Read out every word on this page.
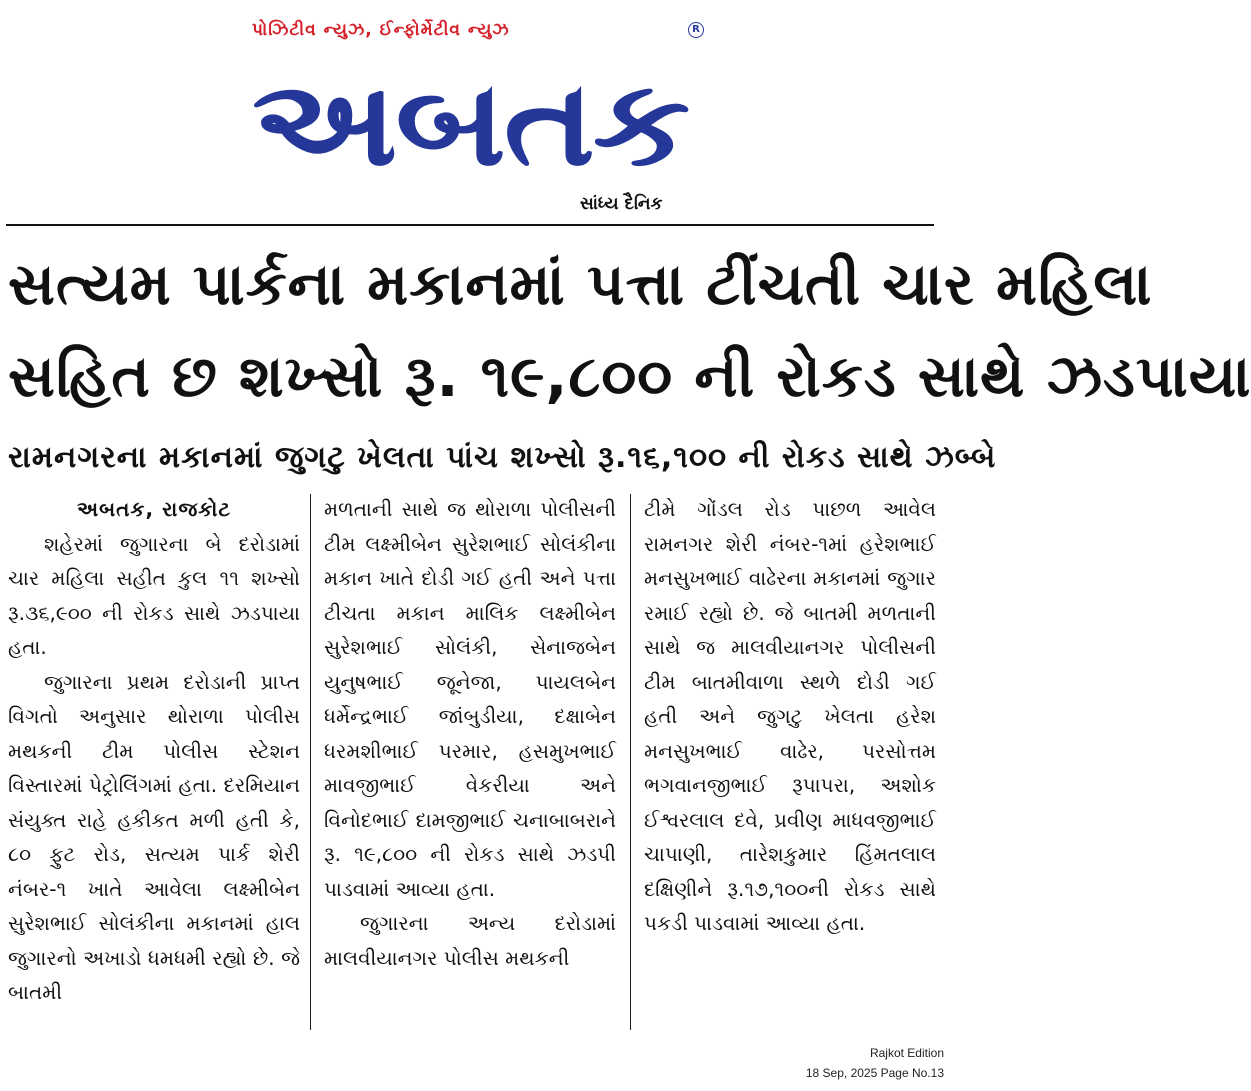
પોઝિટીવ ન્યુઝ, ઈન્ફોર્મેટીવ ન્યુઝ	R
અબતક
સાંધ્ય દૈનિક
સત્યમ પાર્કના મકાનમાં પત્તા ટીંચતી ચાર મહિલા
સહિત છ શખ્સો રૂ. ૧૯,૮૦૦ ની રોકડ સાથે ઝડપાયા
રામનગરના મકાનમાં જુગટુ ખેલતા પાંચ શખ્સો રૂ.૧૬,૧૦૦ ની રોકડ સાથે ઝબ્બે

અબતક, રાજકોટ

શહેરમાં જુગારના બે દરોડામાં ચાર મહિલા સહીત કુલ ૧૧ શખ્સો રૂ.૩૬,૯૦૦ ની રોકડ સાથે ઝડપાયા હતા.

જુગારના પ્રથમ દરોડાની પ્રાપ્ત વિગતો અનુસાર થોરાળા પોલીસ મથકની ટીમ પોલીસ સ્ટેશન વિસ્તારમાં પેટ્રોલિંગમાં હતા. દરમિયાન સંયુક્ત રાહે હકીકત મળી હતી કે, ૮૦ ફુટ રોડ, સત્યમ પાર્ક શેરી નંબર-૧ ખાતે આવેલા લક્ષ્મીબેન સુરેશભાઈ સોલંકીના મકાનમાં હાલ જુગારનો અખાડો ધમધમી રહ્યો છે. જે બાતમી

મળતાની સાથે જ થોરાળા પોલીસની ટીમ લક્ષ્મીબેન સુરેશભાઈ સોલંકીના મકાન ખાતે દોડી ગઈ હતી અને પત્તા ટીચતા મકાન માલિક લક્ષ્મીબેન સુરેશભાઈ સોલંકી, સેનાજબેન યુનુષભાઈ જૂનેજા, પાયલબેન ધર્મેન્દ્રભાઈ જાંબુડીયા, દક્ષાબેન ધરમશીભાઈ પરમાર, હસમુખભાઈ માવજીભાઈ વેકરીયા અને વિનોદભાઈ દામજીભાઈ ચનાબાબરાને રૂ. ૧૯,૮૦૦ ની રોકડ સાથે ઝડપી પાડવામાં આવ્યા હતા.

જુગારના અન્ય દરોડામાં માલવીયાનગર પોલીસ મથકની

ટીમે ગોંડલ રોડ પાછળ આવેલ રામનગર શેરી નંબર-૧માં હરેશભાઈ મનસુખભાઈ વાઢેરના મકાનમાં જુગાર રમાઈ રહ્યો છે. જે બાતમી મળતાની સાથે જ માલવીયાનગર પોલીસની ટીમ બાતમીવાળા સ્થળે દોડી ગઈ હતી અને જુગટુ ખેલતા હરેશ મનસુખભાઈ વાઢેર, પરસોત્તમ ભગવાનજીભાઈ રૂપાપરા, અશોક ઈશ્વરલાલ દવે, પ્રવીણ માધવજીભાઈ ચાપાણી, તારેશકુમાર હિંમતલાલ દક્ષિણીને રૂ.૧૭,૧૦૦ની રોકડ સાથે પકડી પાડવામાં આવ્યા હતા.

Rajkot Edition
18 Sep, 2025 Page No.13
